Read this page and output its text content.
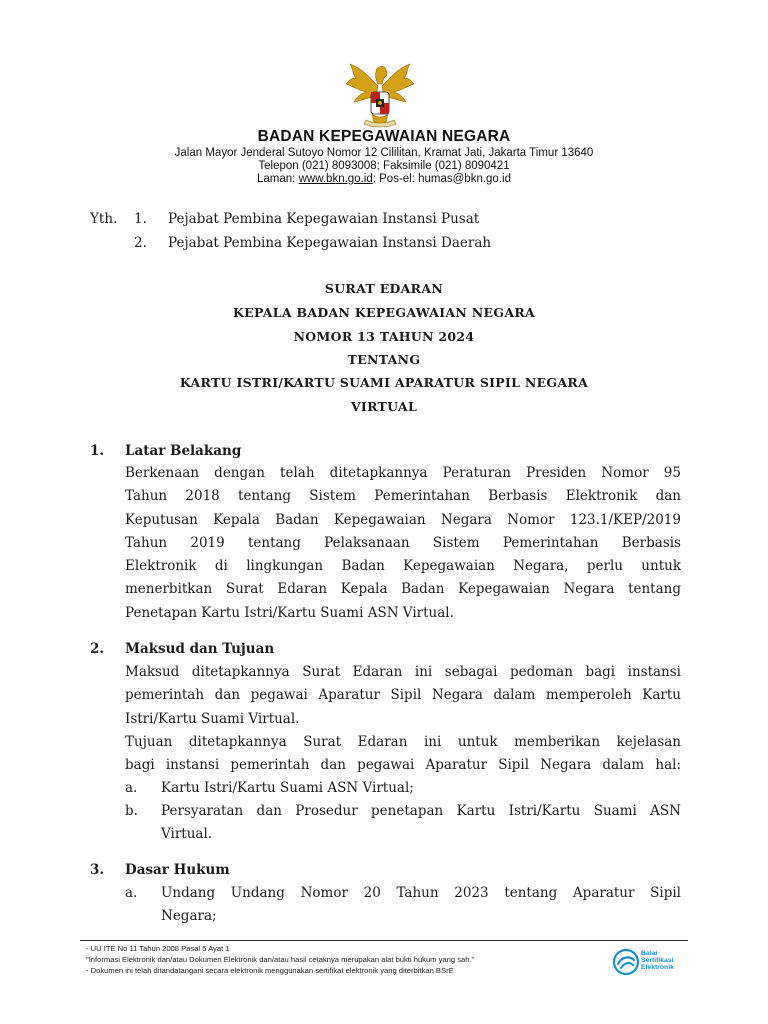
BADAN KEPEGAWAIAN NEGARA
Jalan Mayor Jenderal Sutoyo Nomor 12 Cililitan, Kramat Jati, Jakarta Timur 13640
Telepon (021) 8093008; Faksimile (021) 8090421
Laman: www.bkn.go.id; Pos-el: humas@bkn.go.id
Yth. 1. Pejabat Pembina Kepegawaian Instansi Pusat
2. Pejabat Pembina Kepegawaian Instansi Daerah
SURAT EDARAN
KEPALA BADAN KEPEGAWAIAN NEGARA
NOMOR 13 TAHUN 2024
TENTANG
KARTU ISTRI/KARTU SUAMI APARATUR SIPIL NEGARA
VIRTUAL
1. Latar Belakang
Berkenaan dengan telah ditetapkannya Peraturan Presiden Nomor 95
Tahun 2018 tentang Sistem Pemerintahan Berbasis Elektronik dan
Keputusan Kepala Badan Kepegawaian Negara Nomor 123.1/KEP/2019
Tahun 2019 tentang Pelaksanaan Sistem Pemerintahan Berbasis
Elektronik di lingkungan Badan Kepegawaian Negara, perlu untuk
menerbitkan Surat Edaran Kepala Badan Kepegawaian Negara tentang
Penetapan Kartu Istri/Kartu Suami ASN Virtual.
2. Maksud dan Tujuan
Maksud ditetapkannya Surat Edaran ini sebagai pedoman bagi instansi
pemerintah dan pegawai Aparatur Sipil Negara dalam memperoleh Kartu
Istri/Kartu Suami Virtual.
Tujuan ditetapkannya Surat Edaran ini untuk memberikan kejelasan
bagi instansi pemerintah dan pegawai Aparatur Sipil Negara dalam hal:
a. Kartu Istri/Kartu Suami ASN Virtual;
b. Persyaratan dan Prosedur penetapan Kartu Istri/Kartu Suami ASN
Virtual.
3. Dasar Hukum
a. Undang Undang Nomor 20 Tahun 2023 tentang Aparatur Sipil
Negara;
- UU ITE No 11 Tahun 2008 Pasal 5 Ayat 1
"Informasi Elektronik dan/atau Dokumen Elektronik dan/atau hasil cetaknya merupakan alat bukti hukum yang sah."
- Dokumen ini telah ditandatangani secara elektronik menggunakan sertifikat elektronik yang diterbitkan BSrE
Balai
Sertifikasi
Elektronik
